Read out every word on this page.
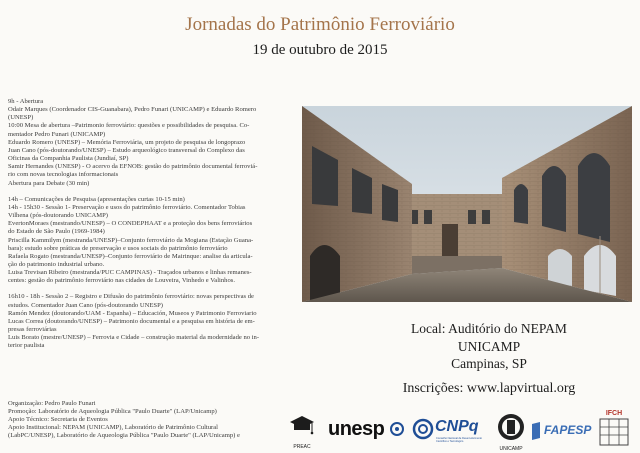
Jornadas do Patrimônio Ferroviário
19 de outubro de 2015
9h - Abertura
Odair Marques (Coordenador CIS-Guanabara), Pedro Funari (UNICAMP) e Eduardo Romero
(UNESP)
10:00 Mesa de abertura –Patrimonio ferroviário: questões e possibilidades de pesquisa. Co-
mentador Pedro Funari (UNICAMP)
Eduardo Romero (UNESP) – Memória Ferroviária, um projeto de pesquisa de longoprazo
Juan Cano (pós-doutorando/UNESP) – Estudo arqueológico transversal do Complexo das
Oficinas da Companhia Paulista (Jundiaí, SP)
Samir Hernandes (UNESP) - O acervo da EFNOB: gestão do patrimônio documental ferroviá-
rio com novas tecnologias informacionais
Abertura para Debate (30 min)
14h – Comunicações de Pesquisa (apresentações curtas 10-15 min)
14h - 15h30 - Sessão 1- Preservação e usos do patrimônio ferroviário. Comentador Tobias
Vilhena (pós-doutorando UNICAMP)
EvertonMoraes (mestrando/UNESP) – O CONDEPHAAT e a proteção dos bens ferroviários
do Estado de São Paulo (1969-1984)
Priscilla Kammilym (mestranda/UNESP)–Conjunto ferroviário da Mogiana (Estação Guana-
bara): estudo sobre práticas de preservação e usos sociais do patrimônio ferroviário
Rafaela Rogato (mestranda/UNESP)–Conjunto ferroviário de Mairinque: analise da articula-
ção do patrimonio industrial urbano.
Luisa Trevisan Ribeiro (mestranda/PUC CAMPINAS) - Traçados urbanos e linhas remanes-
centes: gestão do patrimônio ferroviário nas cidades de Louveira, Vinhedo e Valinhos.
16h10 - 18h - Sessão 2 – Registro e Difusão do patrimônio ferroviário: novas perspectivas de
estudos. Comentador Juan Cano (pós-doutorando UNESP)
Ramón Mendez (doutorando/UAM - Espanha) – Educación, Museos y Patrimonio Ferroviario
Lucas Correa (doutorando/UNESP) – Patrimonio documental e a pesquisa em história de em-
presas ferroviárias
Luis Borato (mestre/UNESP) – Ferrovia e Cidade – construção material da modernidade no in-
terior paulista
Local: Auditório do NEPAM
UNICAMP
Campinas, SP
Inscrições: www.lapvirtual.org
Organização: Pedro Paulo Funari
Promoção: Laboratório de Aqueologia Pública "Paulo Duarte" (LAP/Unicamp)
Apoio Técnico: Secretaria de Eventos
Apoio Institucional: NEPAM (UNICAMP), Laboratório de Patrimônio Cultural
(LabPC/UNESP), Laboratório de Aqueologia Pública "Paulo Duarte" (LAP/Unicamp) e
PREAC
unesp	CNPq
Conselho Nacional de Desenvolvimento Científico e Tecnológico
UNICAMP
FAPESP
IFCH
